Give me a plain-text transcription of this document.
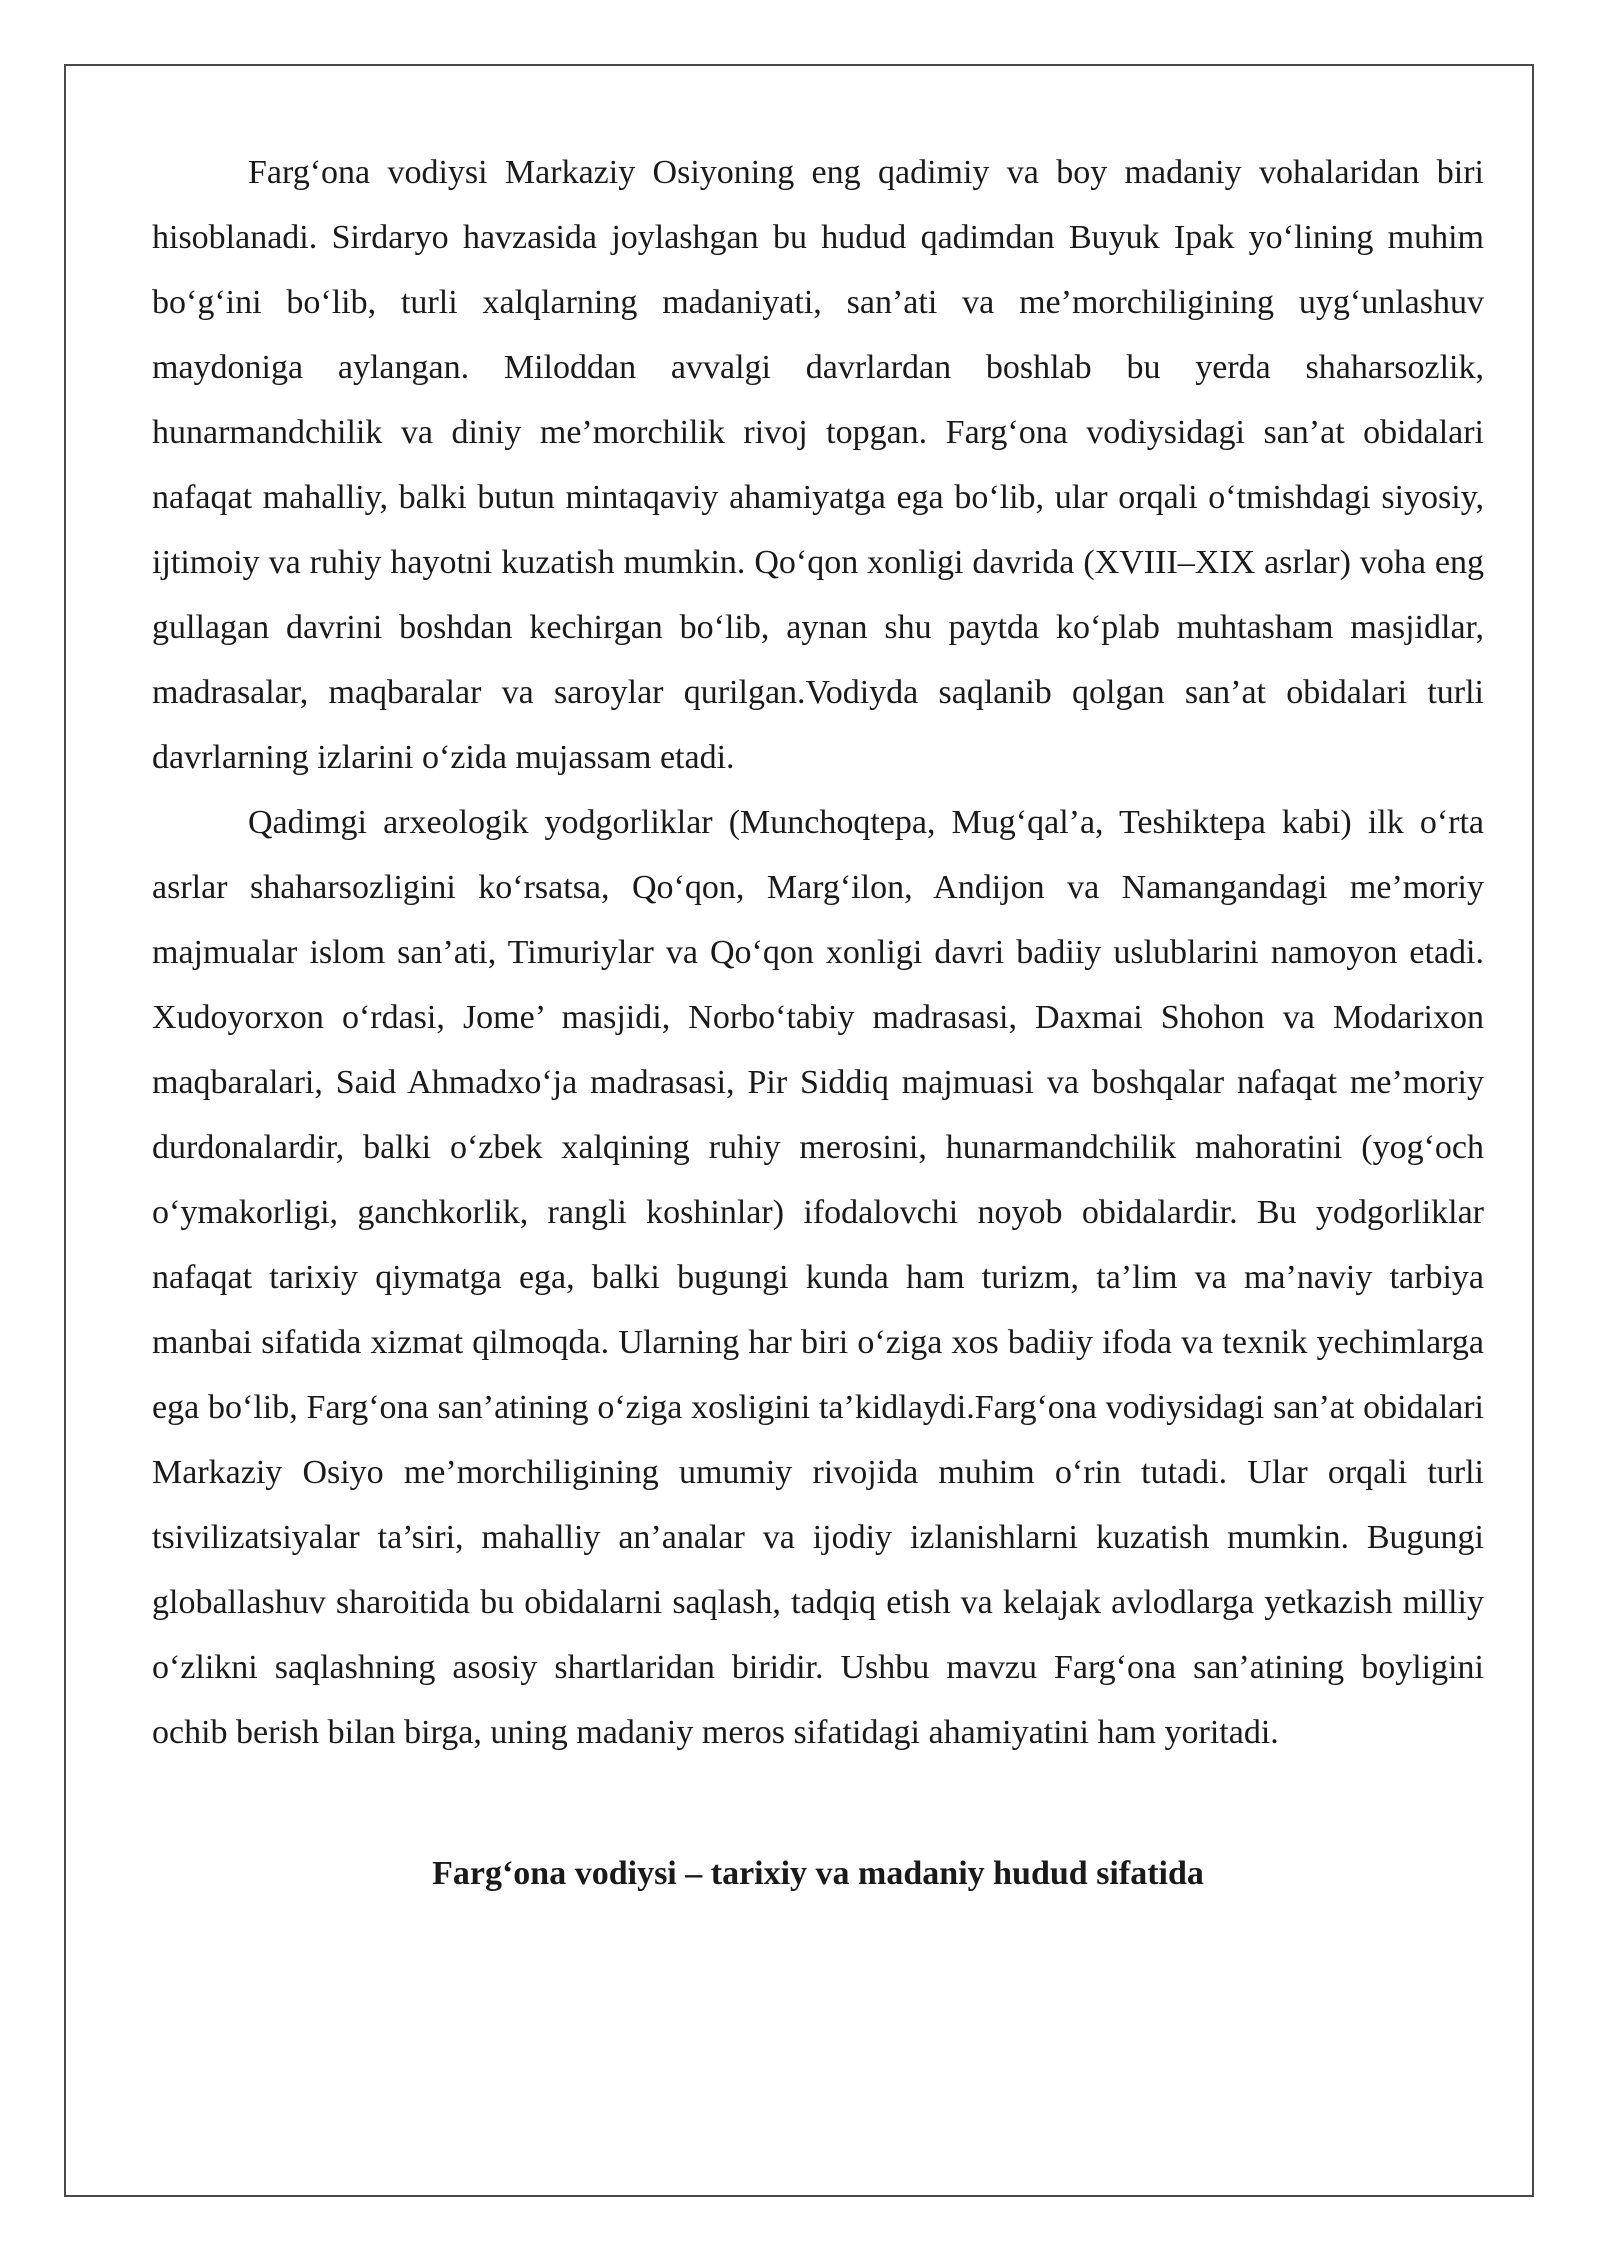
Farg‘ona vodiysi Markaziy Osiyoning eng qadimiy va boy madaniy vohalaridan biri hisoblanadi. Sirdaryo havzasida joylashgan bu hudud qadimdan Buyuk Ipak yo‘lining muhim bo‘g‘ini bo‘lib, turli xalqlarning madaniyati, san’ati va me’morchiligining uyg‘unlashuv maydoniga aylangan. Miloddan avvalgi davrlardan boshlab bu yerda shaharsozlik, hunarmandchilik va diniy me’morchilik rivoj topgan. Farg‘ona vodiysidagi san’at obidalari nafaqat mahalliy, balki butun mintaqaviy ahamiyatga ega bo‘lib, ular orqali o‘tmishdagi siyosiy, ijtimoiy va ruhiy hayotni kuzatish mumkin. Qo‘qon xonligi davrida (XVIII–XIX asrlar) voha eng gullagan davrini boshdan kechirgan bo‘lib, aynan shu paytda ko‘plab muhtasham masjidlar, madrasalar, maqbaralar va saroylar qurilgan.Vodiyda saqlanib qolgan san’at obidalari turli davrlarning izlarini o‘zida mujassam etadi.

Qadimgi arxeologik yodgorliklar (Munchoqtepa, Mug‘qal’a, Teshiktepa kabi) ilk o‘rta asrlar shaharsozligini ko‘rsatsa, Qo‘qon, Marg‘ilon, Andijon va Namangandagi me’moriy majmualar islom san’ati, Timuriylar va Qo‘qon xonligi davri badiiy uslublarini namoyon etadi. Xudoyorxon o‘rdasi, Jome’ masjidi, Norbo‘tabiy madrasasi, Daxmai Shohon va Modarixon maqbaralari, Said Ahmadxo‘ja madrasasi, Pir Siddiq majmuasi va boshqalar nafaqat me’moriy durdonalardir, balki o‘zbek xalqining ruhiy merosini, hunarmandchilik mahoratini (yog‘och o‘ymakorligi, ganchkorlik, rangli koshinlar) ifodalovchi noyob obidalardir. Bu yodgorliklar nafaqat tarixiy qiymatga ega, balki bugungi kunda ham turizm, ta’lim va ma’naviy tarbiya manbai sifatida xizmat qilmoqda. Ularning har biri o‘ziga xos badiiy ifoda va texnik yechimlarga ega bo‘lib, Farg‘ona san’atining o‘ziga xosligini ta’kidlaydi.Farg‘ona vodiysidagi san’at obidalari Markaziy Osiyo me’morchiligining umumiy rivojida muhim o‘rin tutadi. Ular orqali turli tsivilizatsiyalar ta’siri, mahalliy an’analar va ijodiy izlanishlarni kuzatish mumkin. Bugungi globallashuv sharoitida bu obidalarni saqlash, tadqiq etish va kelajak avlodlarga yetkazish milliy o‘zlikni saqlashning asosiy shartlaridan biridir. Ushbu mavzu Farg‘ona san’atining boyligini ochib berish bilan birga, uning madaniy meros sifatidagi ahamiyatini ham yoritadi.

Farg‘ona vodiysi – tarixiy va madaniy hudud sifatida
